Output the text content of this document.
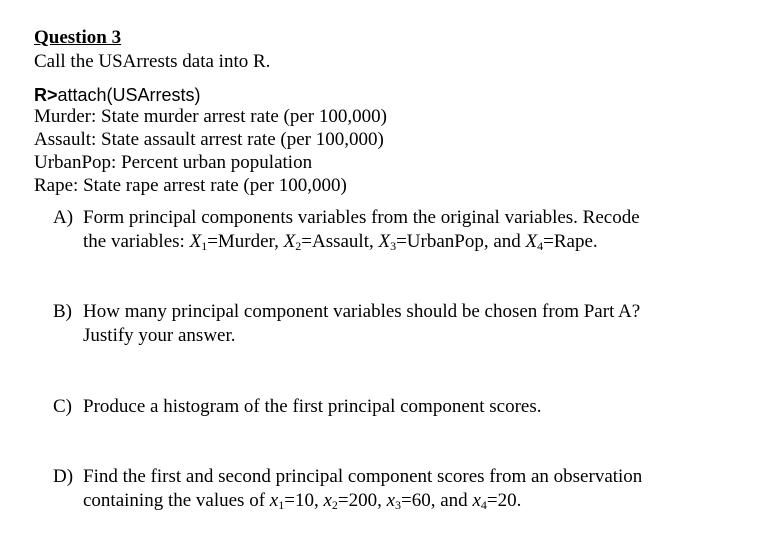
Question 3
Call the USArrests data into R.
R>attach(USArrests)
Murder: State murder arrest rate (per 100,000)
Assault: State assault arrest rate (per 100,000)
UrbanPop: Percent urban population
Rape: State rape arrest rate (per 100,000)
A) Form principal components variables from the original variables. Recode
the variables: $X_1=Murder$, $X_2=Assault$, $X_3=UrbanPop$, and $X_4=Rape$.
B) How many principal component variables should be chosen from Part A?
Justify your answer.
C) Produce a histogram of the first principal component scores.
D) Find the first and second principal component scores from an observation
containing the values of $x_1=10$, $x_2=200$, $x_3=60$, and $x_4=20$.
